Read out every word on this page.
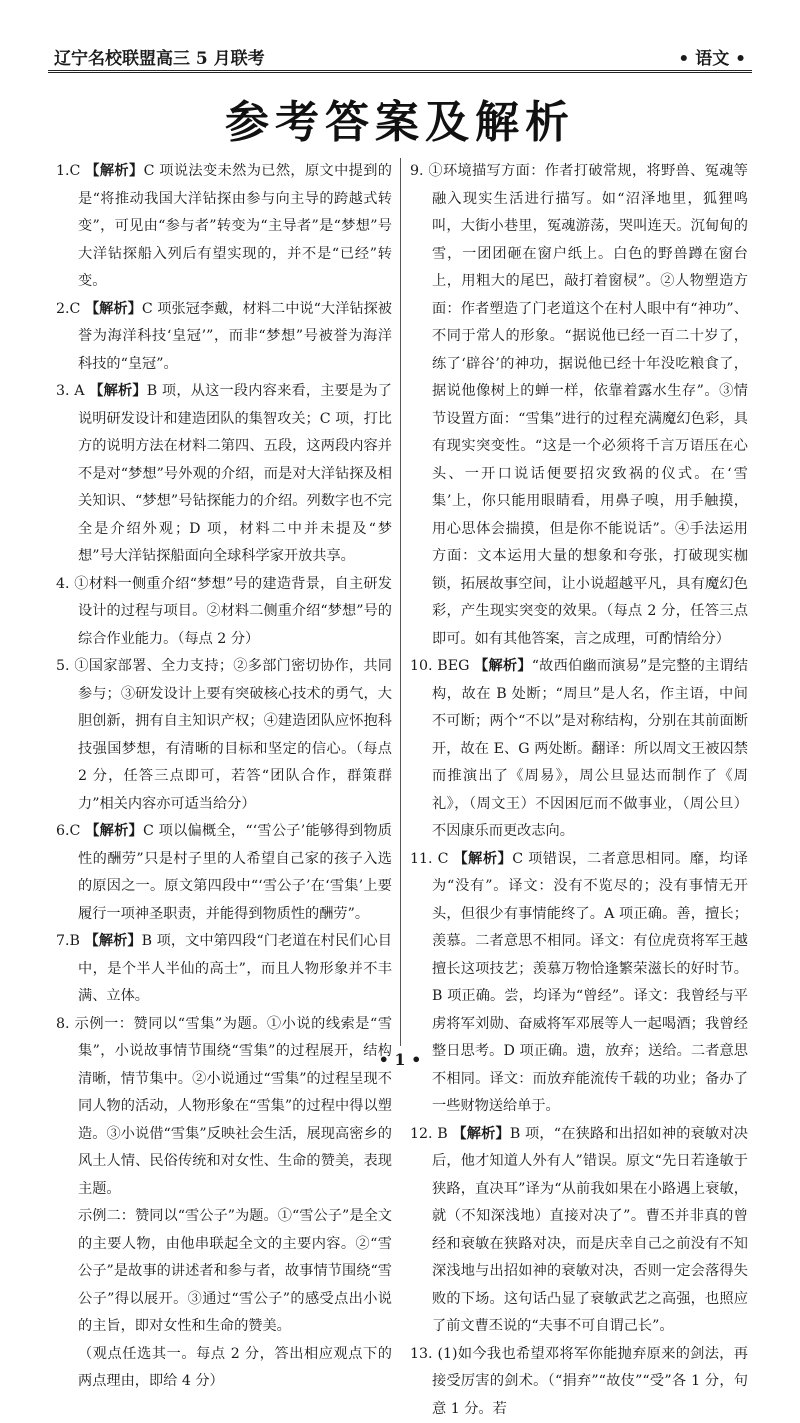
辽宁名校联盟高三 5 月联考	• 语文 •
参考答案及解析

1.C 【解析】C 项说法变未然为已然，原文中提到的是“将推动我国大洋钻探由参与向主导的跨越式转变”，可见由“参与者”转变为“主导者”是“梦想”号大洋钻探船入列后有望实现的，并不是“已经”转变。

2.C 【解析】C 项张冠李戴，材料二中说“大洋钻探被誉为海洋科技‘皇冠’”，而非“梦想”号被誉为海洋科技的“皇冠”。

3. A 【解析】B 项，从这一段内容来看，主要是为了说明研发设计和建造团队的集智攻关；C 项，打比方的说明方法在材料二第四、五段，这两段内容并不是对“梦想”号外观的介绍，而是对大洋钻探及相关知识、“梦想”号钻探能力的介绍。列数字也不完全是介绍外观；D 项，材料二中并未提及“梦想”号大洋钻探船面向全球科学家开放共享。

4. ①材料一侧重介绍“梦想”号的建造背景，自主研发设计的过程与项目。②材料二侧重介绍“梦想”号的综合作业能力。（每点 2 分）

5. ①国家部署、全力支持；②多部门密切协作，共同参与；③研发设计上要有突破核心技术的勇气，大胆创新，拥有自主知识产权；④建造团队应怀抱科技强国梦想，有清晰的目标和坚定的信心。（每点 2 分，任答三点即可，若答“团队合作，群策群力”相关内容亦可适当给分）

6.C 【解析】C 项以偏概全，“‘雪公子’能够得到物质性的酬劳”只是村子里的人希望自己家的孩子入选的原因之一。原文第四段中“‘雪公子’在‘雪集’上要履行一项神圣职责，并能得到物质性的酬劳”。

7.B 【解析】B 项，文中第四段“门老道在村民们心目中，是个半人半仙的高士”，而且人物形象并不丰满、立体。

8. 示例一：赞同以“雪集”为题。①小说的线索是“雪集”，小说故事情节围绕“雪集”的过程展开，结构清晰，情节集中。②小说通过“雪集”的过程呈现不同人物的活动，人物形象在“雪集”的过程中得以塑造。③小说借“雪集”反映社会生活，展现高密乡的风土人情、民俗传统和对女性、生命的赞美，表现主题。

示例二：赞同以“雪公子”为题。①“雪公子”是全文的主要人物，由他串联起全文的主要内容。②“雪公子”是故事的讲述者和参与者，故事情节围绕“雪公子”得以展开。③通过“雪公子”的感受点出小说的主旨，即对女性和生命的赞美。

（观点任选其一。每点 2 分，答出相应观点下的两点理由，即给 4 分）

9. ①环境描写方面：作者打破常规，将野兽、冤魂等融入现实生活进行描写。如“沼泽地里，狐狸鸣叫，大街小巷里，冤魂游荡，哭叫连天。沉甸甸的雪，一团团砸在窗户纸上。白色的野兽蹲在窗台上，用粗大的尾巴，敲打着窗棂”。②人物塑造方面：作者塑造了门老道这个在村人眼中有“神功”、不同于常人的形象。“据说他已经一百二十岁了，练了‘辟谷’的神功，据说他已经十年没吃粮食了，据说他像树上的蝉一样，依靠着露水生存”。③情节设置方面：“雪集”进行的过程充满魔幻色彩，具有现实突变性。“这是一个必须将千言万语压在心头、一开口说话便要招灾致祸的仪式。在‘雪集’上，你只能用眼睛看，用鼻子嗅，用手触摸，用心思体会揣摸，但是你不能说话”。④手法运用方面：文本运用大量的想象和夸张，打破现实枷锁，拓展故事空间，让小说超越平凡，具有魔幻色彩，产生现实突变的效果。（每点 2 分，任答三点即可。如有其他答案，言之成理，可酌情给分）

10. BEG 【解析】“故西伯幽而演易”是完整的主谓结构，故在 B 处断；“周旦”是人名，作主语，中间不可断；两个“不以”是对称结构，分别在其前面断开，故在 E、G 两处断。翻译：所以周文王被囚禁而推演出了《周易》，周公旦显达而制作了《周礼》，（周文王）不因困厄而不做事业，（周公旦）不因康乐而更改志向。

11. C 【解析】C 项错误，二者意思相同。靡，均译为“没有”。译文：没有不览尽的；没有事情无开头，但很少有事情能终了。A 项正确。善，擅长；羡慕。二者意思不相同。译文：有位虎贲将军王越擅长这项技艺；羡慕万物恰逢繁荣滋长的好时节。B 项正确。尝，均译为“曾经”。译文：我曾经与平虏将军刘勋、奋威将军邓展等人一起喝酒；我曾经整日思考。D 项正确。遗，放弃；送给。二者意思不相同。译文：而放弃能流传千载的功业；备办了一些财物送给单于。

12. B 【解析】B 项，“在狭路和出招如神的衰敏对决后，他才知道人外有人”错误。原文“先日若逢敏于狭路，直决耳”译为“从前我如果在小路遇上衰敏，就（不知深浅地）直接对决了”。曹丕并非真的曾经和衰敏在狭路对决，而是庆幸自己之前没有不知深浅地与出招如神的衰敏对决，否则一定会落得失败的下场。这句话凸显了衰敏武艺之高强，也照应了前文曹丕说的“夫事不可自谓己长”。

13. (1)如今我也希望邓将军你能抛弃原来的剑法，再接受厉害的剑术。（“捐弃”“故伎”“受”各 1 分，句意 1 分。若

• 1 •
